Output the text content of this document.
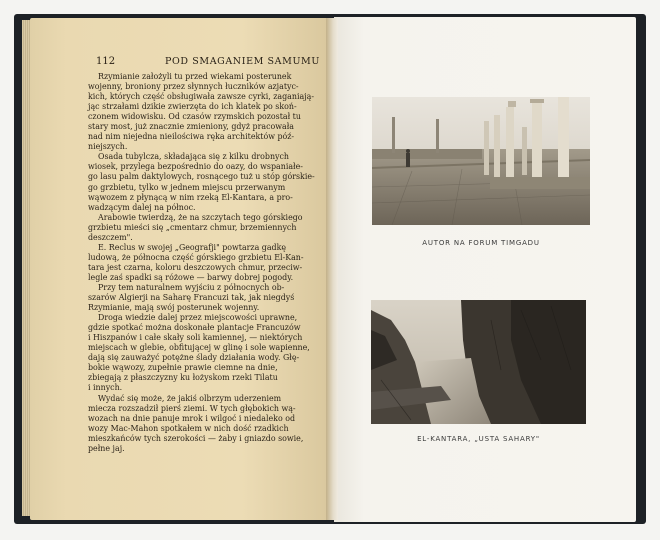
112	POD SMAGANIEM SAMUMU
Rzymianie założyli tu przed wiekami posterunek
wojenny, broniony przez słynnych łuczników azjatyc-
kich, których część obsługiwała zawsze cyrki, zaganiają-
jąc strzałami dzikie zwierzęta do ich klatek po skoń-
czonem widowisku. Od czasów rzymskich pozostał tu
stary most, już znacznie zmieniony, gdyż pracowała
nad nim niejedna nieilościwa ręka architektów póź-
niejszych.
Osada tubylcza, składająca się z kilku drobnych
wiosek, przylega bezpośrednio do oazy, do wspaniałe-
go lasu palm daktylowych, rosnącego tuż u stóp górskie-
go grzbietu, tylko w jednem miejscu przerwanym
wąwozem z płynącą w nim rzeką El-Kantara, a pro-
wadzącym dalej na północ.
Arabowie twierdzą, że na szczytach tego górskiego
grzbietu mieści się „cmentarz chmur, brzemiennych
deszczem".
E. Reclus w swojej „Geografji" powtarza gadkę
ludową, że północna część górskiego grzbietu El-Kan-
tara jest czarna, koloru deszczowych chmur, przeciw-
legle zaś spadki są różowe — barwy dobrej pogody.
Przy tem naturalnem wyjściu z północnych ob-
szarów Algierji na Saharę Francuzi tak, jak niegdyś
Rzymianie, mają swój posterunek wojenny.
Droga wiedzie dalej przez miejscowości uprawne,
gdzie spotkać można doskonałe plantacje Francuzów
i Hiszpanów i całe skały soli kamiennej, — niektórych
miejscach w glebie, obfitującej w glinę i sole wapienne,
dają się zauważyć potężne ślady działania wody. Głę-
bokie wąwozy, zupełnie prawie ciemne na dnie,
zbiegają z płaszczyzny ku łożyskom rzeki Tilatu
i innych.
Wydać się może, że jakiś olbrzym uderzeniem
miecza rozszadził pierś ziemi. W tych głębokich wą-
wozach na dnie panuje mrok i wilgoć i niedaleko od
wozy Mac-Mahon spotkałem w nich dość rzadkich
mieszkańców tych szerokości — żaby i gniazdo sowie,
pełne jaj.
AUTOR NA FORUM TIMGADU
EL-KANTARA, „USTA SAHARY"
